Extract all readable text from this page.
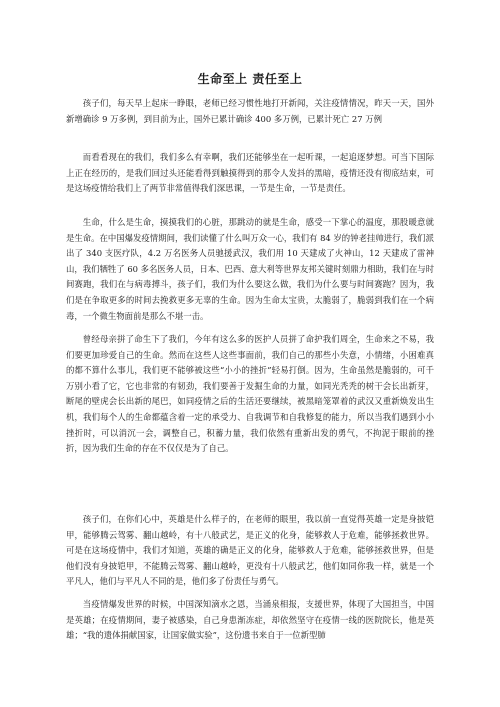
生命至上 责任至上

孩子们，每天早上起床一睁眼，老师已经习惯性地打开新闻，关注疫情情况，昨天一天，国外新增确诊 9 万多例，到目前为止，国外已累计确诊 400 多万例，已累计死亡 27 万例

而看看现在的我们，我们多么有幸啊，我们还能够坐在一起听课，一起追逐梦想。可当下国际上正在经历的，是我们回过头还能看得到触摸得到的那令人发抖的黑暗，疫情还没有彻底结束，可是这场疫情给我们上了两节非常值得我们深思课，一节是生命，一节是责任。

生命，什么是生命，摸摸我们的心脏，那跳动的就是生命，感受一下掌心的温度，那股暖意就是生命。在中国爆发疫情期间，我们读懂了什么叫万众一心，我们有 84 岁的钟老挂帅进行，我们派出了 340 支医疗队，4.2 万名医务人员驰援武汉，我们用 10 天建成了火神山，12 天建成了雷神山，我们牺牲了 60 多名医务人员，日本、巴西、意大利等世界友邦关键时刻鼎力相助，我们在与时间赛跑，我们在与病毒搏斗，孩子们，我们为什么要这么做，我们为什么要与时间赛跑？因为，我们是在争取更多的时间去挽救更多无辜的生命。因为生命太宝贵，太脆弱了，脆弱到我们在一个病毒，一个微生物面前是那么不堪一击。

曾经母亲拼了命生下了我们，今年有这么多的医护人员拼了命护我们周全，生命来之不易，我们要更加珍爱自己的生命。然而在这些人这些事面前，我们自己的那些小失意，小情绪，小困难真的都不算什么事儿，我们更不能够被这些“小小的挫折”轻易打倒。因为，生命虽然是脆弱的，可千万别小看了它，它也非常的有韧劲，我们要善于发掘生命的力量，如同光秃秃的树干会长出新芽，断尾的壁虎会长出新的尾巴，如同疫情之后的生活还要继续，被黑暗笼罩着的武汉又重新焕发出生机，我们每个人的生命都蕴含着一定的承受力、自我调节和自我修复的能力，所以当我们遇到小小挫折时，可以消沉一会，调整自己，积蓄力量，我们依然有重新出发的勇气，不拘泥于眼前的挫折，因为我们生命的存在不仅仅是为了自己。

孩子们，在你们心中，英雄是什么样子的，在老师的眼里，我以前一直觉得英雄一定是身披铠甲，能够腾云驾雾、翻山越岭，有十八般武艺，是正义的化身，能够救人于危难，能够拯救世界。可是在这场疫情中，我们才知道，英雄的确是正义的化身，能够救人于危难，能够拯救世界，但是他们没有身披铠甲，不能腾云驾雾、翻山越岭，更没有十八般武艺，他们如同你我一样，就是一个平凡人，他们与平凡人不同的是，他们多了份责任与勇气。

当疫情爆发世界的时候，中国深知滴水之恩，当涌泉相报，支援世界，体现了大国担当，中国是英雄；在疫情期间，妻子被感染，自己身患渐冻症，却依然坚守在疫情一线的医院院长，他是英雄；“我的遗体捐献国家，让国家做实验”，这份遗书来自于一位新型肺
